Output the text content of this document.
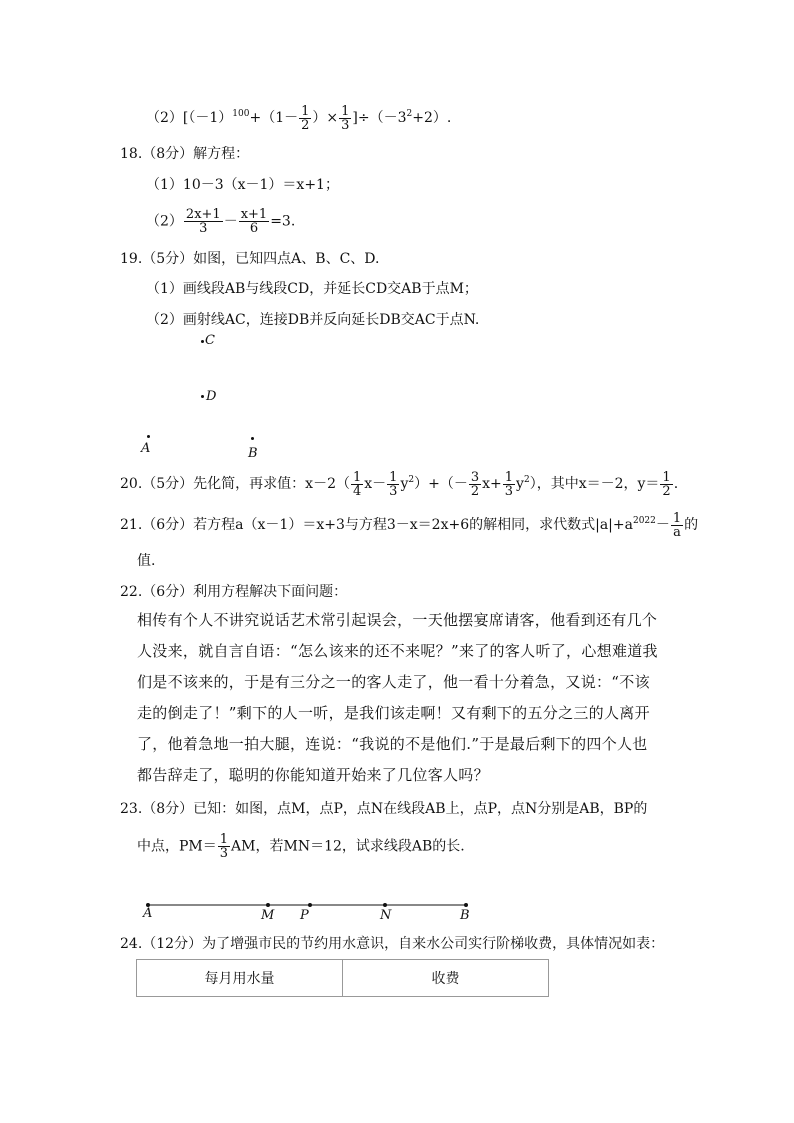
$(2)[(-1)^{100}+(1- \frac{1}{2}$ ）× $\frac{1}{3} ]\div(-3^2+2)$.
18.（8分）解方程：
（1）10－3（x－1）＝x+1；
$(2) \frac{2x+1}{3} - \frac{x+1}{6} =3$.
19.（5分）如图，已知四点A、B、C、D.
（1）画线段AB与线段CD，并延长CD交AB于点M；
（2）画射线AC，连接DB并反向延长DB交AC于点N.
C
D
A	B
20.（5分）先化简，再求值：$x-2( \frac{1}{4} x- \frac{1}{3} y^2)+(- \frac{3}{2} x+ \frac{1}{3} y^2)$，其中x＝－2，$y= \frac{1}{2}$ .
21.（6分）若方程a（x－1）＝x+3与方程3－x＝2x+6的解相同，求代数式$|a|+a^{2022}- \frac{1}{a}$ 的
值.
22.（6分）利用方程解决下面问题：
相传有个人不讲究说话艺术常引起误会，一天他摆宴席请客，他看到还有几个人没来，就自言自语：“怎么该来的还不来呢？”来了的客人听了，心想难道我们是不该来的，于是有三分之一的客人走了，他一看十分着急，又说：“不该走的倒走了！”剩下的人一听，是我们该走啊！又有剩下的五分之三的人离开了，他着急地一拍大腿，连说：“我说的不是他们.”于是最后剩下的四个人也都告辞走了，聪明的你能知道开始来了几位客人吗？
23.（8分）已知：如图，点M，点P，点N在线段AB上，点P，点N分别是AB，BP的
中点，$PM= \frac{1}{3}$ AM，若MN＝12，试求线段AB的长.
A	M P	N	B
24.（12分）为了增强市民的节约用水意识，自来水公司实行阶梯收费，具体情况如表：
每月用水量	收费
